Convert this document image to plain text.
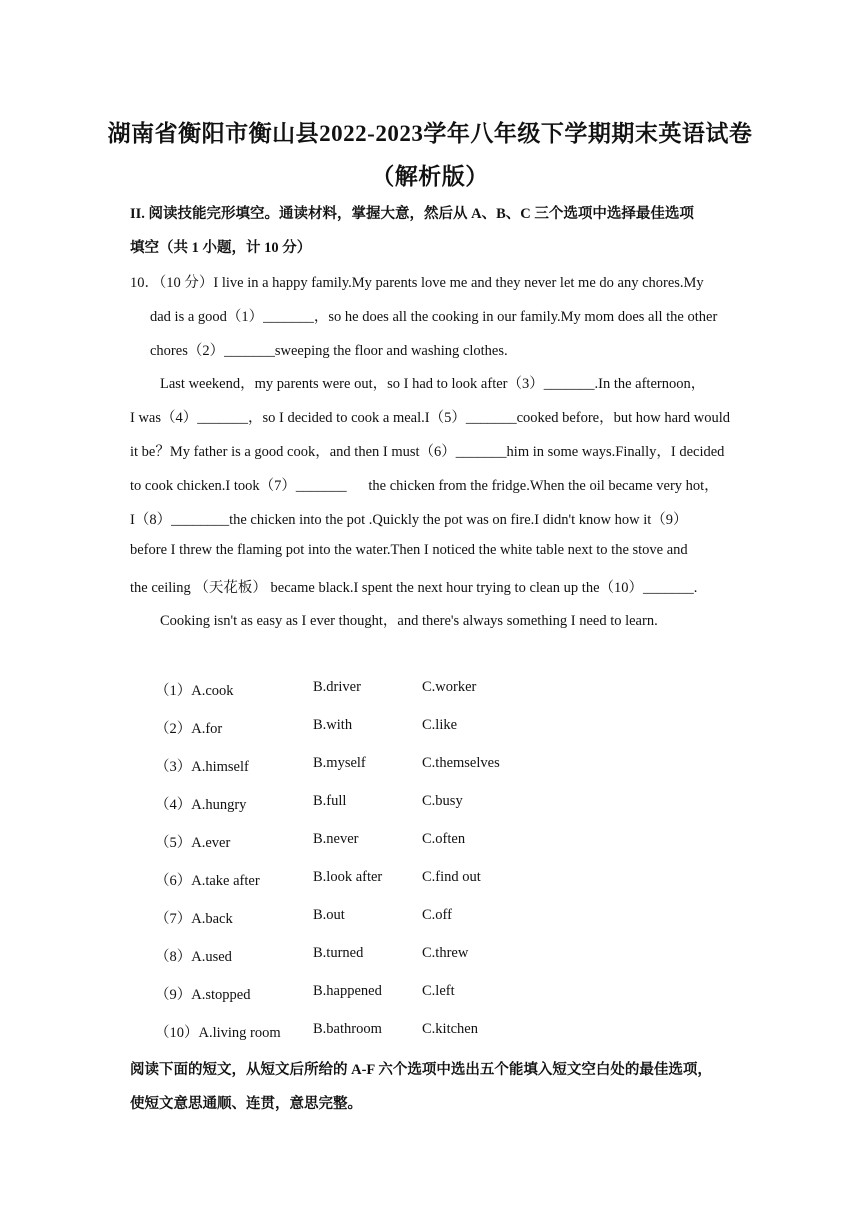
湖南省衡阳市衡山县2022-2023学年八年级下学期期末英语试卷
（解析版）
II. 阅读技能完形填空。通读材料，掌握大意，然后从 A、B、C 三个选项中选择最佳选项
填空（共 1 小题，计 10 分）
10．（10 分）I live in a happy family.My parents love me and they never let me do any chores.My
dad is a good（1）_______，so he does all the cooking in our family.My mom does all the other
chores（2）_______sweeping the floor and washing clothes.
Last weekend，my parents were out，so I had to look after（3）_______.In the afternoon，
I was（4）_______，so I decided to cook a meal.I（5）_______cooked before，but how hard would
it be？My father is a good cook，and then I must（6）_______him in some ways.Finally，I decided
to cook chicken.I took（7）_______      the chicken from the fridge.When the oil became very hot，
I（8）________the chicken into the pot .Quickly the pot was on fire.I didn't know how it（9）
before I threw the flaming pot into the water.Then I noticed the white table next to the stove and
the ceiling （天花板） became black.I spent the next hour trying to clean up the（10）_______.
Cooking isn't as easy as I ever thought，and there's always something I need to learn.
（1）A.cook	B.driver	C.worker
（2）A.for	B.with	C.like
（3）A.himself	B.myself	C.themselves
（4）A.hungry	B.full	C.busy
（5）A.ever	B.never	C.often
（6）A.take after	B.look after	C.find out
（7）A.back	B.out	C.off
（8）A.used	B.turned	C.threw
（9）A.stopped	B.happened	C.left
（10）A.living room B.bathroom	C.kitchen
阅读下面的短文，从短文后所给的 A-F 六个选项中选出五个能填入短文空白处的最佳选项，
使短文意思通顺、连贯，意思完整。
